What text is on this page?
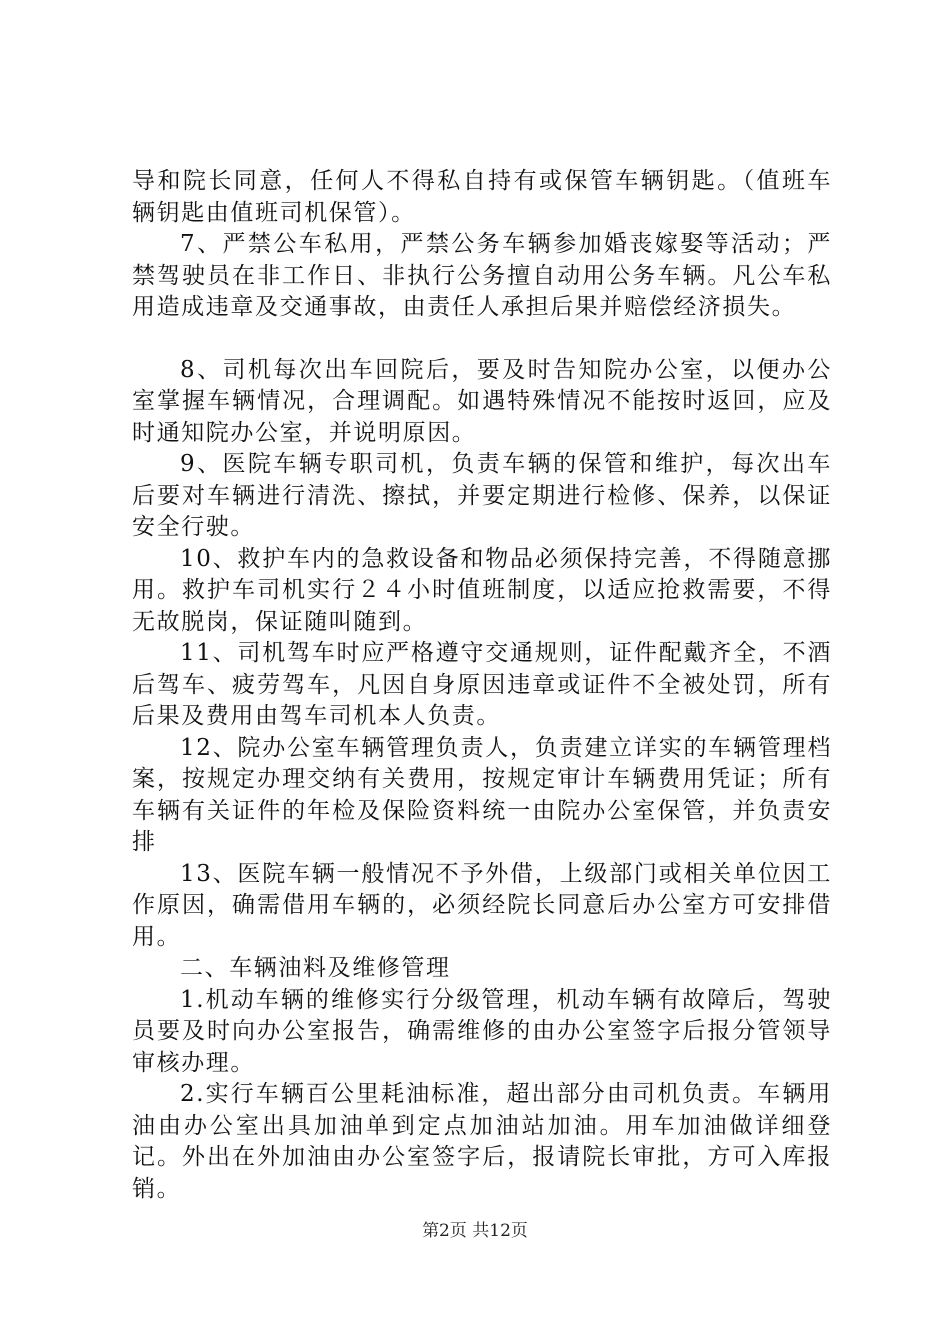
导和院长同意，任何人不得私自持有或保管车辆钥匙。（值班车辆钥匙由值班司机保管）。

7、严禁公车私用，严禁公务车辆参加婚丧嫁娶等活动；严禁驾驶员在非工作日、非执行公务擅自动用公务车辆。凡公车私用造成违章及交通事故，由责任人承担后果并赔偿经济损失。

8、司机每次出车回院后，要及时告知院办公室，以便办公室掌握车辆情况，合理调配。如遇特殊情况不能按时返回，应及时通知院办公室，并说明原因。

9、医院车辆专职司机，负责车辆的保管和维护，每次出车后要对车辆进行清洗、擦拭，并要定期进行检修、保养，以保证安全行驶。

10、救护车内的急救设备和物品必须保持完善，不得随意挪用。救护车司机实行２４小时值班制度，以适应抢救需要，不得无故脱岗，保证随叫随到。

11、司机驾车时应严格遵守交通规则，证件配戴齐全，不酒后驾车、疲劳驾车，凡因自身原因违章或证件不全被处罚，所有后果及费用由驾车司机本人负责。

12、院办公室车辆管理负责人，负责建立详实的车辆管理档案，按规定办理交纳有关费用，按规定审计车辆费用凭证；所有车辆有关证件的年检及保险资料统一由院办公室保管，并负责安排

13、医院车辆一般情况不予外借，上级部门或相关单位因工作原因，确需借用车辆的，必须经院长同意后办公室方可安排借用。

二、车辆油料及维修管理

1.机动车辆的维修实行分级管理，机动车辆有故障后，驾驶员要及时向办公室报告，确需维修的由办公室签字后报分管领导审核办理。

2.实行车辆百公里耗油标准，超出部分由司机负责。车辆用油由办公室出具加油单到定点加油站加油。用车加油做详细登记。外出在外加油由办公室签字后，报请院长审批，方可入库报销。

第2页 共12页
